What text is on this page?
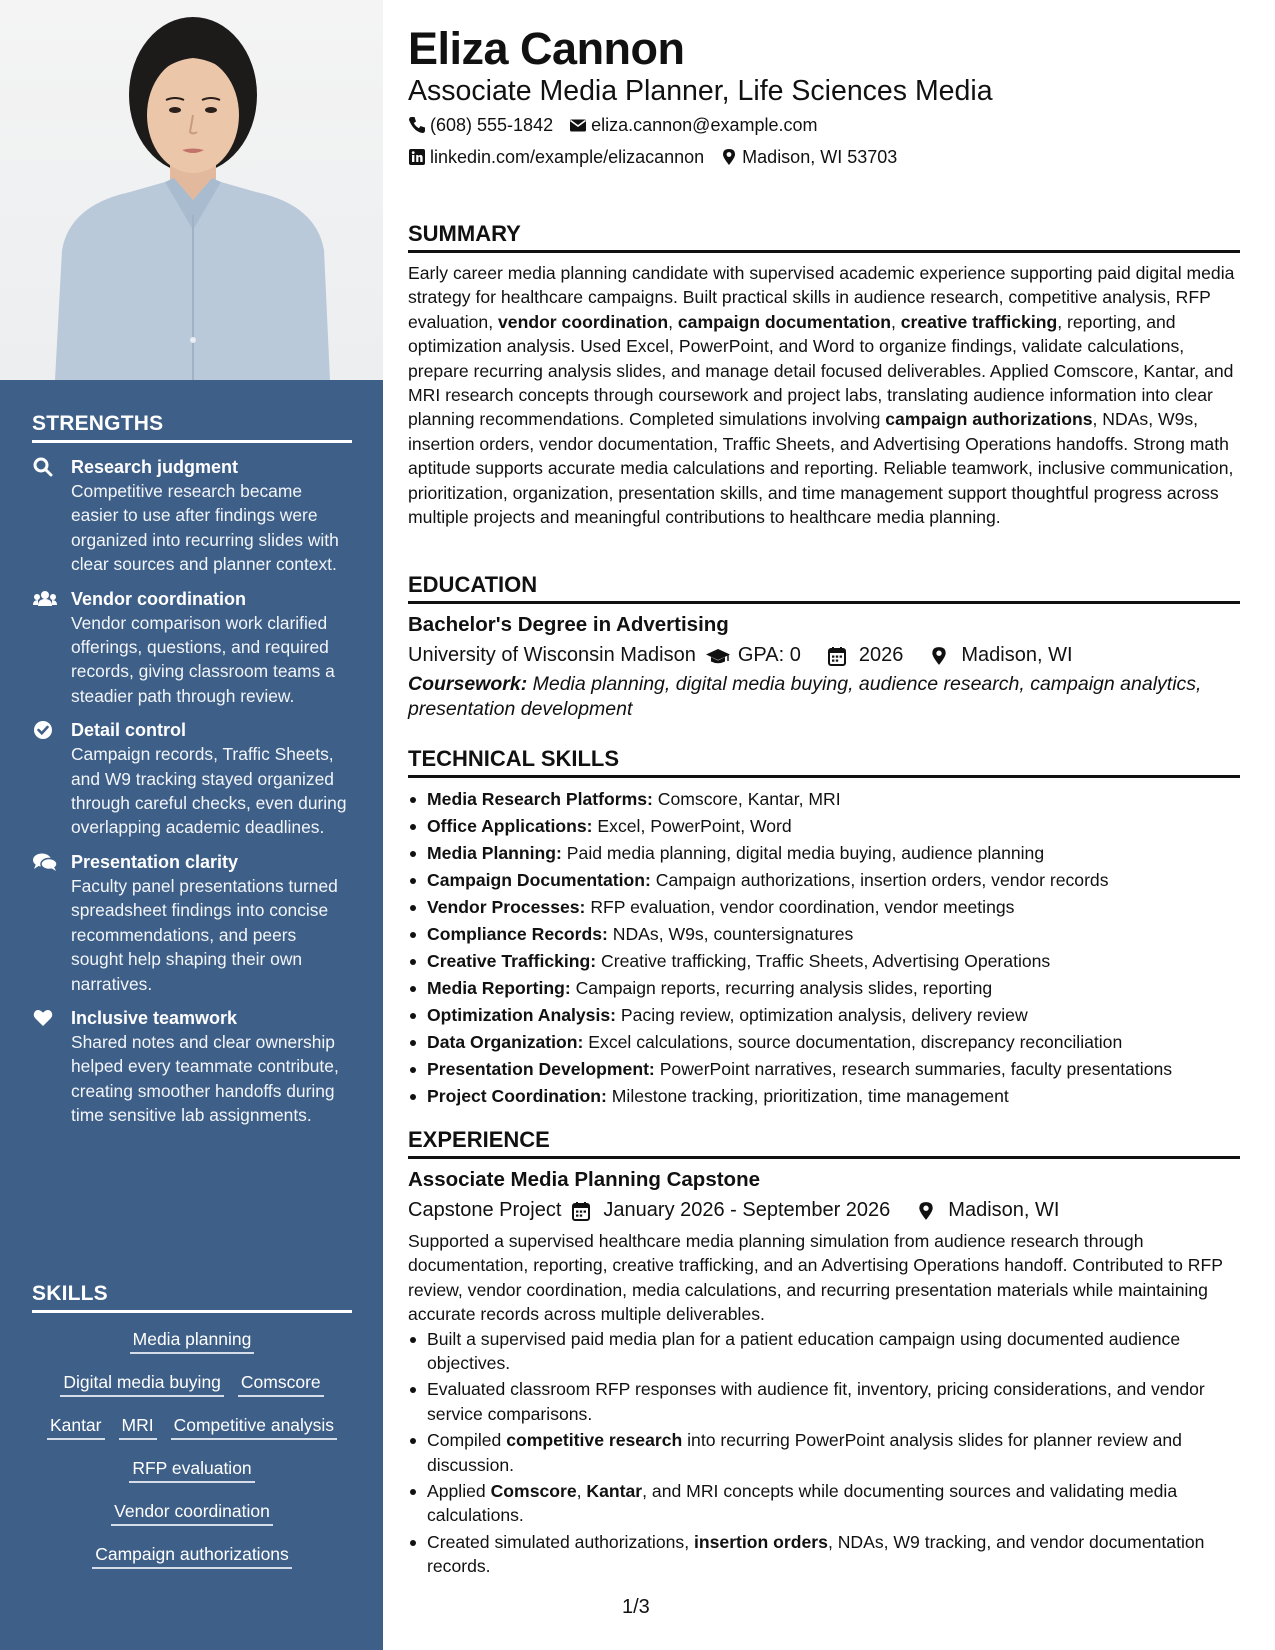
STRENGTHS
Research judgment
Competitive research became easier to use after findings were organized into recurring slides with clear sources and planner context.
Vendor coordination
Vendor comparison work clarified offerings, questions, and required records, giving classroom teams a steadier path through review.
Detail control
Campaign records, Traffic Sheets, and W9 tracking stayed organized through careful checks, even during overlapping academic deadlines.
Presentation clarity
Faculty panel presentations turned spreadsheet findings into concise recommendations, and peers sought help shaping their own narratives.
Inclusive teamwork
Shared notes and clear ownership helped every teammate contribute, creating smoother handoffs during time sensitive lab assignments.
SKILLS
Media planning
Digital media buying Comscore
Kantar MRI Competitive analysis
RFP evaluation
Vendor coordination
Campaign authorizations
Eliza Cannon
Associate Media Planner, Life Sciences Media
(608) 555-1842 eliza.cannon@example.com
linkedin.com/example/elizacannon Madison, WI 53703
SUMMARY

Early career media planning candidate with supervised academic experience supporting paid digital media strategy for healthcare campaigns. Built practical skills in audience research, competitive analysis, RFP evaluation, vendor coordination, campaign documentation, creative trafficking, reporting, and optimization analysis. Used Excel, PowerPoint, and Word to organize findings, validate calculations, prepare recurring analysis slides, and manage detail focused deliverables. Applied Comscore, Kantar, and MRI research concepts through coursework and project labs, translating audience information into clear planning recommendations. Completed simulations involving campaign authorizations, NDAs, W9s, insertion orders, vendor documentation, Traffic Sheets, and Advertising Operations handoffs. Strong math aptitude supports accurate media calculations and reporting. Reliable teamwork, inclusive communication, prioritization, organization, presentation skills, and time management support thoughtful progress across multiple projects and meaningful contributions to healthcare media planning.

EDUCATION
Bachelor's Degree in Advertising
University of Wisconsin Madison GPA: 0	2026	Madison, WI
Coursework: Media planning, digital media buying, audience research, campaign analytics, presentation development
TECHNICAL SKILLS
Media Research Platforms: Comscore, Kantar, MRI
Office Applications: Excel, PowerPoint, Word
Media Planning: Paid media planning, digital media buying, audience planning
Campaign Documentation: Campaign authorizations, insertion orders, vendor records
Vendor Processes: RFP evaluation, vendor coordination, vendor meetings
Compliance Records: NDAs, W9s, countersignatures
Creative Trafficking: Creative trafficking, Traffic Sheets, Advertising Operations
Media Reporting: Campaign reports, recurring analysis slides, reporting
Optimization Analysis: Pacing review, optimization analysis, delivery review
Data Organization: Excel calculations, source documentation, discrepancy reconciliation
Presentation Development: PowerPoint narratives, research summaries, faculty presentations
Project Coordination: Milestone tracking, prioritization, time management
EXPERIENCE
Associate Media Planning Capstone
Capstone Project January 2026 - September 2026	Madison, WI

Supported a supervised healthcare media planning simulation from audience research through documentation, reporting, creative trafficking, and an Advertising Operations handoff. Contributed to RFP review, vendor coordination, media calculations, and recurring presentation materials while maintaining accurate records across multiple deliverables.

Built a supervised paid media plan for a patient education campaign using documented audience objectives.
Evaluated classroom RFP responses with audience fit, inventory, pricing considerations, and vendor service comparisons.
Compiled competitive research into recurring PowerPoint analysis slides for planner review and discussion.
Applied Comscore, Kantar, and MRI concepts while documenting sources and validating media calculations.
Created simulated authorizations, insertion orders, NDAs, W9 tracking, and vendor documentation records.
1/3
